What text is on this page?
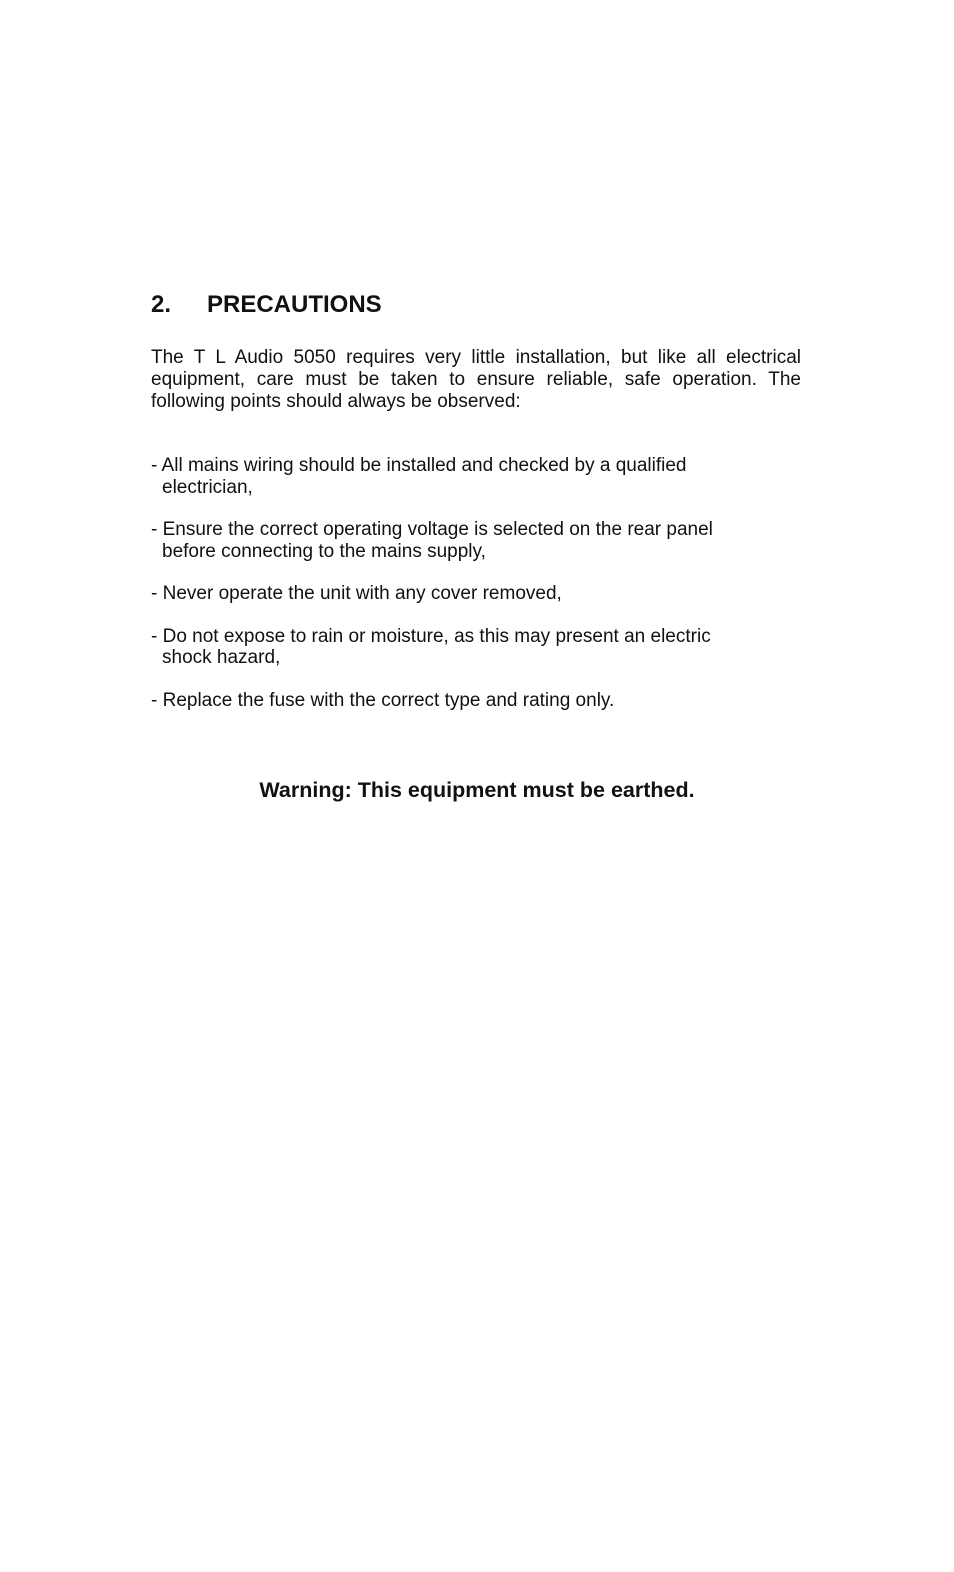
2.	PRECAUTIONS

The T L Audio 5050 requires very little installation, but like all electrical equipment, care must be taken to ensure reliable, safe operation. The following points should always be observed:

- All mains wiring should be installed and checked by a qualified electrician,
- Ensure the correct operating voltage is selected on the rear panel before connecting to the mains supply,
- Never operate the unit with any cover removed,
- Do not expose to rain or moisture, as this may present an electric shock hazard,
- Replace the fuse with the correct type and rating only.
Warning: This equipment must be earthed.
